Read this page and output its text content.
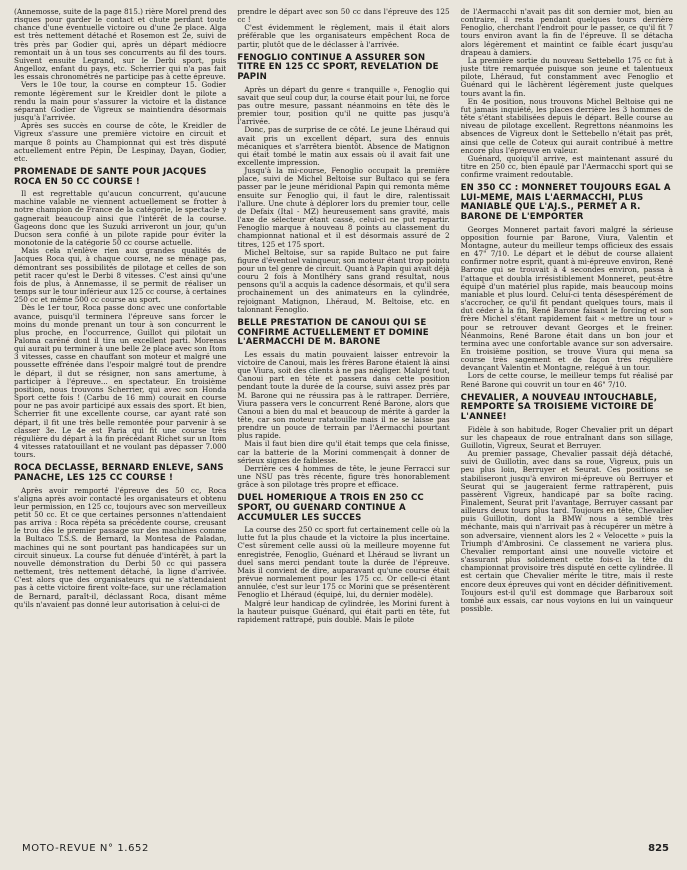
(Annemosse, suite de la page 815.) rière Morel prend des risques pour garder le contact et chute perdant toute chance d'une éventuelle victoire ou d'une 2e place. Alga est très nettement détaché et Rosemon est 2e, suivi de très près par Godier qui, après un départ médiocre remontait un à un tous ses concurrents au fil des tours. Suivent ensuite Legrand, sur le Derbi sport, puis Angelloz, enfant du pays, etc. Scherrier qui n'a pas fait les essais chronométrés ne participe pas à cette épreuve.

Vers le 10e tour, la course en compteur 15. Godier remonte légèrement sur le Kreidler dont le pilote a rendu la main pour s'assurer la victoire et la distance séparant Godier de Vigreux se maintiendra désormais jusqu'à l'arrivée.

Après ses succès en course de côte, le Kreidler de Vigreux s'assure une première victoire en circuit et marque 8 points au Championnat qui est très disputé actuellement entre Pépin, De Lespinay, Dayan, Godier, etc.

PROMENADE DE SANTE POUR JACQUES ROCA EN 50 CC COURSE !

Il est regrettable qu'aucun concurrent, qu'aucune machine valable ne viennent actuellement se frotter à notre champion de France de la catégorie, le spectacle y gagnerait beaucoup ainsi que l'intérêt de la course. Gageons donc que les Suzuki arriveront un jour, qu'un Ducson sera confié à un pilote rapide pour éviter la monotonie de la catégorie 50 cc course actuelle.

Mais cela n'enlève rien aux grandes qualités de Jacques Roca qui, à chaque course, ne se ménage pas, démontrant ses possibilités de pilotage et celles de son petit racer qu'est le Derbi 8 vitesses. C'est ainsi qu'une fois de plus, à Annemasse, il se permit de réaliser un temps sur le tour inférieur aux 125 cc course, à certaines 250 cc et même 500 cc course au sport.

Dès le 1er tour, Roca passe donc avec une confortable avance, puisqu'il terminera l'épreuve sans forcer le moins du monde prenant un tour à son concurrent le plus proche, en l'occurrence, Guillot qui pilotait un Paloma caréné dont il tira un excellent parti. Morenas qui aurait pu terminer à une belle 2e place avec son Itom 3 vitesses, casse en chauffant son moteur et malgré une poussette effrénée dans l'espoir malgré tout de prendre le départ, il dut se résigner, non sans amertume, à participer à l'épreuve... en spectateur. En troisième position, nous trouvons Scherrier, qui avec son Honda Sport cette fois ! (Carbu de 16 mm) courait en course pour ne pas avoir participé aux essais des sport. Et bien, Scherrier fit une excellente course, car ayant raté son départ, il fit une très belle remontée pour parvenir à se classer 3e. Le 4e est Paria qui fit une course très régulière du départ à la fin précédant Richet sur un Itom 4 vitesses ratatouillant et ne voulant pas dépasser 7.000 tours.

ROCA DECLASSE, BERNARD ENLEVE, SANS PANACHE, LES 125 CC COURSE !

Après avoir remporté l'épreuve des 50 cc, Roca s'aligna après avoir contacté les organisateurs et obtenu leur permission, en 125 cc, toujours avec son merveilleux petit 50 cc. Et ce que certaines personnes n'attendaient pas arriva : Roca répéta sa précédente course, creusant le trou dès le premier passage sur des machines comme la Bultaco T.S.S. de Bernard, la Montesa de Paladan, machines qui ne sont pourtant pas handicapées sur un circuit sinueux. La course fut dénuée d'intérêt, à part la nouvelle démonstration du Derbi 50 cc qui passera nettement, très nettement détaché, la ligne d'arrivée. C'est alors que des organisateurs qui ne s'attendaient pas à cette victoire firent volte-face, sur une réclamation de Bernard, paraît-il, déclassant Roca, disant même qu'ils n'avaient pas donné leur autorisation à celui-ci de

prendre le départ avec son 50 cc dans l'épreuve des 125 cc !

C'est évidemment le règlement, mais il était alors préférable que les organisateurs empêchent Roca de partir, plutôt que de le déclasser à l'arrivée.

FENOGLIO CONTINUE A ASSURER SON TITRE EN 125 CC SPORT, REVELATION DE PAPIN

Après un départ du genre « tranquille », Fenoglio qui savait que seul coup dur, la course était pour lui, ne force pas outre mesure, passant néanmoins en tête dès le premier tour, position qu'il ne quitte pas jusqu'à l'arrivée.

Donc, pas de surprise de ce côté. Le jeune Lhéraud qui avait pris un excellent départ, sura des ennuis mécaniques et s'arrêtera bientôt. Absence de Matignon qui était tombé le matin aux essais où il avait fait une excellente impression.

Jusqu'à la mi-course, Fenoglio occupait la première place, suivi de Michel Beltoise sur Bultaco qui se fera passer par le jeune méridional Papin qui remonta même ensuite sur Fenoglio qui, il faut le dire, ralentissait l'allure. Une chute à déplorer lors du premier tour, celle de Defaix (Ital - MZ) heureusement sans gravité, mais l'axe de sélecteur étant cassé, celui-ci ne put repartir. Fenoglio marque à nouveau 8 points au classement du championnat national et il est désormais assuré de 2 titres, 125 et 175 sport.

Michel Beltoise, sur sa rapide Bultaco ne put faire figure d'éventuel vainqueur, son moteur étant trop pointu pour un tel genre de circuit. Quant à Papin qui avait déjà couru 2 fois à Montlhéry sans grand résultat, nous pensons qu'il a acquis la cadence désormais, et qu'il sera prochainement un des animateurs en la cylindrée, rejoignant Matignon, Lhéraud, M. Beltoise, etc. en talonnant Fenoglio.

BELLE PRESTATION DE CANOUI QUI SE CONFIRME ACTUELLEMENT ET DOMINE L'AERMACCHI DE M. BARONE

Les essais du matin pouvaient laisser entrevoir la victoire de Canoui, mais les frères Barone étaient là ainsi que Viura, soit des clients à ne pas négliger. Malgré tout, Canoui part en tête et passera dans cette position pendant toute la durée de la course, suivi assez près par M. Barone qui ne réussira pas à le rattraper. Derrière, Viura passera vers le concurrent René Barone, alors que Canoui a bien du mal et beaucoup de mérite à garder la tête, car son moteur ratatouille mais il ne se laisse pas prendre un pouce de terrain par l'Aermacchi pourtant plus rapide.

Mais il faut bien dire qu'il était temps que cela finisse, car la batterie de la Morini commençait à donner de sérieux signes de faiblesse.

Derrière ces 4 hommes de tête, le jeune Ferracci sur une NSU pas très récente, figure très honorablement grâce à son pilotage très propre et efficace.

DUEL HOMERIQUE A TROIS EN 250 CC SPORT, OU GUENARD CONTINUE A ACCUMULER LES SUCCES

La course des 250 cc sport fut certainement celle où la lutte fut la plus chaude et la victoire la plus incertaine. C'est sûrement celle aussi où la meilleure moyenne fut enregistrée, Fenoglio, Guénard et Lhéraud se livrant un duel sans merci pendant toute la durée de l'épreuve. Mais il convient de dire, auparavant qu'une course était prévue normalement pour les 175 cc. Or celle-ci étant annulée, c'est sur leur 175 cc Morini que se présentèrent Fenoglio et Lhéraud (équipé, lui, du dernier modèle).

Malgré leur handicap de cylindrée, les Morini furent à la hauteur puisque Guénard, qui était parti en tête, fut rapidement rattrapé, puis doublé. Mais le pilote

de l'Aermacchi n'avait pas dit son dernier mot, bien au contraire, il resta pendant quelques tours derrière Fenoglio, cherchant l'endroit pour le passer, ce qu'il fit 7 tours environ avant la fin de l'épreuve. Il se détacha alors légèrement et maintint ce faible écart jusqu'au drapeau à damiers.

La première sortie du nouveau Settebello 175 cc fut à juste titre remarquée puisque son jeune et talentueux pilote, Lhéraud, fut constamment avec Fenoglio et Guénard qui le lâchèrent légèrement juste quelques tours avant la fin.

En 4e position, nous trouvons Michel Beltoise qui ne fut jamais inquiété, les places derrière les 3 hommes de tête s'étant stabilisées depuis le départ. Belle course au niveau de pilotage excellent. Regrettons néanmoins les absences de Vigreux dont le Settebello n'était pas prêt, ainsi que celle de Coteux qui aurait contribué à mettre encore plus l'épreuve en valeur.

Guénard, quoiqu'il arrive, est maintenant assuré du titre en 250 cc, bien épaulé par l'Aermacchi sport qui se confirme vraiment redoutable.

EN 350 CC : MONNERET TOUJOURS EGAL A LUI-MEME, MAIS L'AERMACCHI, PLUS MANIABLE QUE L'AJ.S., PERMET A R. BARONE DE L'EMPORTER

Georges Monneret partait favori malgré la sérieuse opposition fournie par Barone, Viura, Valentin et Montagne, auteur du meilleur temps officieux des essais en 47" 7/10. Le départ et le début de course allaient confirmer notre esprit, quant à mi-épreuve environ, René Barone qui se trouvait à 4 secondes environ, passa à l'attaque et doubla irrésistiblement Monneret, peut-être équipé d'un matériel plus rapide, mais beaucoup moins maniable et plus lourd. Celui-ci tenta désespérément de s'accrocher, ce qu'il fit pendant quelques tours, mais il dut céder à la fin, René Barone faisant le forcing et son frère Michel s'étant rapidement fait « mettre un tour » pour se retrouver devant Georges et le freiner. Néanmoins, René Barone était dans un bon jour et termina avec une confortable avance sur son adversaire. En troisième position, se trouve Viura qui mena sa course très sagement et de façon très régulière devançant Valentin et Montagne, relégué à un tour.

Lors de cette course, le meilleur temps fut réalisé par René Barone qui couvrit un tour en 46" 7/10.

CHEVALIER, A NOUVEAU INTOUCHABLE, REMPORTE SA TROISIEME VICTOIRE DE L'ANNEE!

Fidèle à son habitude, Roger Chevalier prit un départ sur les chapeaux de roue entraînant dans son sillage, Guillotin, Vigreux, Seurat et Berruyer.

Au premier passage, Chevalier passait déjà détaché, suivi de Guillotin, avec dans sa roue, Vigreux, puis un peu plus loin, Berruyer et Seurat. Ces positions se stabiliseront jusqu'à environ mi-épreuve où Berruyer et Seurat qui se jaugeraient ferme rattrapèrent, puis passèrent Vigreux, handicapé par sa boîte racing. Finalement, Seurat prit l'avantage, Berruyer cassant par ailleurs deux tours plus tard. Toujours en tête, Chevalier puis Guillotin, dont la BMW nous a semblé très méchante, mais qui n'arrivait pas à récupérer un mètre à son adversaire, viennent alors les 2 « Velocette » puis la Triumph d'Ambrosini. Ce classement ne variera plus. Chevalier remportant ainsi une nouvelle victoire et s'assurant plus solidement cette fois-ci la tête du championnat provisoire très disputé en cette cylindrée. Il est certain que Chevalier mérite le titre, mais il reste encore deux épreuves qui vont en décider définitivement. Toujours est-il qu'il est dommage que Barbaroux soit tombé aux essais, car nous voyions en lui un vainqueur possible.

MOTO-REVUE N° 1.652	825
